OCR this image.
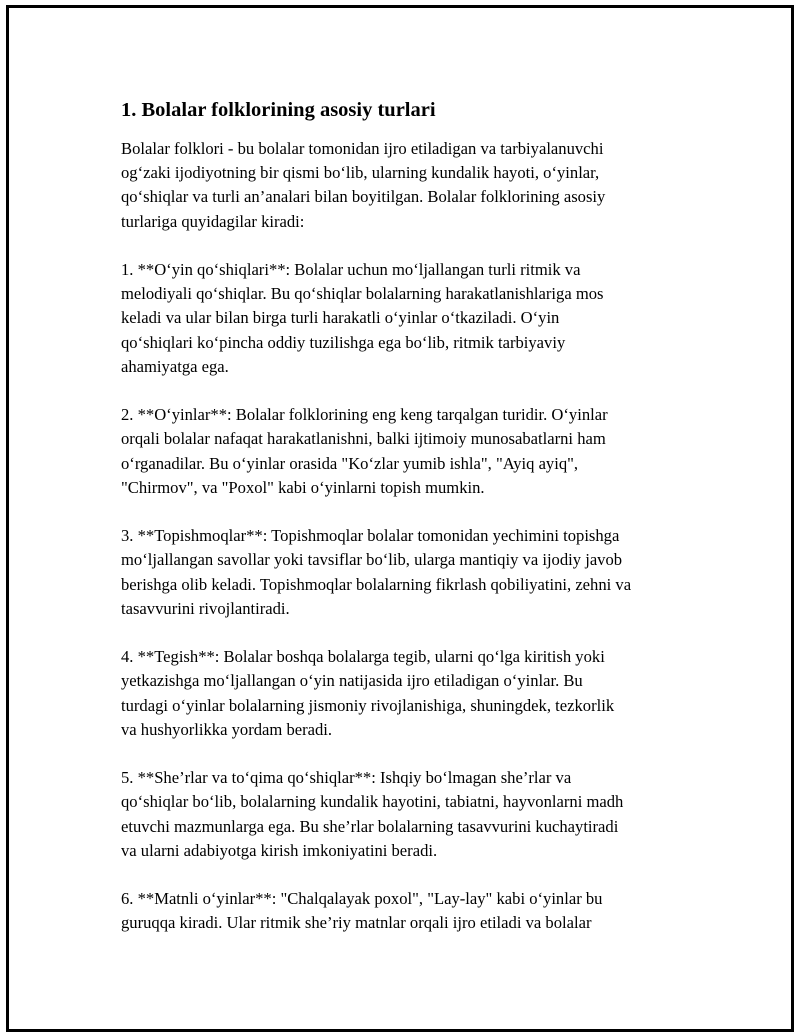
1. Bolalar folklorining asosiy turlari

Bolalar folklori - bu bolalar tomonidan ijro etiladigan va tarbiyalanuvchi
og‘zaki ijodiyotning bir qismi bo‘lib, ularning kundalik hayoti, o‘yinlar,
qo‘shiqlar va turli an’analari bilan boyitilgan. Bolalar folklorining asosiy
turlariga quyidagilar kiradi:

1. **O‘yin qo‘shiqlari**: Bolalar uchun mo‘ljallangan turli ritmik va
melodiyali qo‘shiqlar. Bu qo‘shiqlar bolalarning harakatlanishlariga mos
keladi va ular bilan birga turli harakatli o‘yinlar o‘tkaziladi. O‘yin
qo‘shiqlari ko‘pincha oddiy tuzilishga ega bo‘lib, ritmik tarbiyaviy
ahamiyatga ega.

2. **O‘yinlar**: Bolalar folklorining eng keng tarqalgan turidir. O‘yinlar
orqali bolalar nafaqat harakatlanishni, balki ijtimoiy munosabatlarni ham
o‘rganadilar. Bu o‘yinlar orasida "Ko‘zlar yumib ishla", "Ayiq ayiq",
"Chirmov", va "Poxol" kabi o‘yinlarni topish mumkin.

3. **Topishmoqlar**: Topishmoqlar bolalar tomonidan yechimini topishga
mo‘ljallangan savollar yoki tavsiflar bo‘lib, ularga mantiqiy va ijodiy javob
berishga olib keladi. Topishmoqlar bolalarning fikrlash qobiliyatini, zehni va
tasavvurini rivojlantiradi.

4. **Tegish**: Bolalar boshqa bolalarga tegib, ularni qo‘lga kiritish yoki
yetkazishga mo‘ljallangan o‘yin natijasida ijro etiladigan o‘yinlar. Bu
turdagi o‘yinlar bolalarning jismoniy rivojlanishiga, shuningdek, tezkorlik
va hushyorlikka yordam beradi.

5. **She’rlar va to‘qima qo‘shiqlar**: Ishqiy bo‘lmagan she’rlar va
qo‘shiqlar bo‘lib, bolalarning kundalik hayotini, tabiatni, hayvonlarni madh
etuvchi mazmunlarga ega. Bu she’rlar bolalarning tasavvurini kuchaytiradi
va ularni adabiyotga kirish imkoniyatini beradi.

6. **Matnli o‘yinlar**: "Chalqalayak poxol", "Lay-lay" kabi o‘yinlar bu
guruqqa kiradi. Ular ritmik she’riy matnlar orqali ijro etiladi va bolalar
